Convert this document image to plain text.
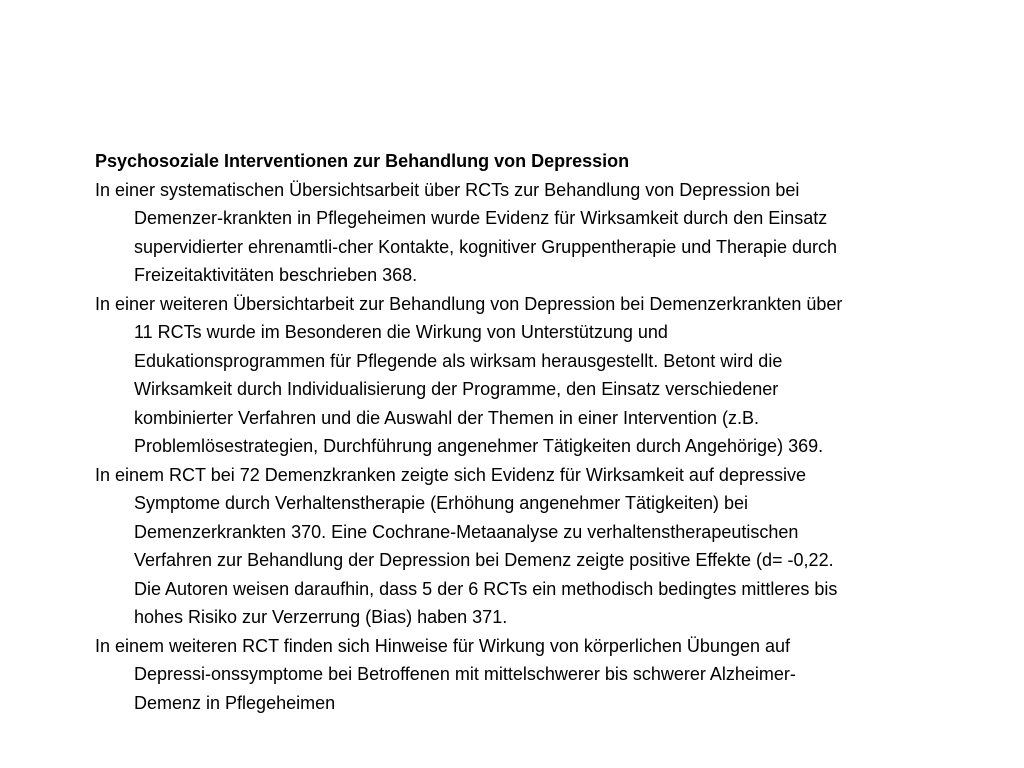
Psychosoziale Interventionen zur Behandlung von Depression

In einer systematischen Übersichtsarbeit über RCTs zur Behandlung von Depression bei
Demenzer-krankten in Pflegeheimen wurde Evidenz für Wirksamkeit durch den Einsatz
supervidierter ehrenamtli-cher Kontakte, kognitiver Gruppentherapie und Therapie durch
Freizeitaktivitäten beschrieben 368.

In einer weiteren Übersichtarbeit zur Behandlung von Depression bei Demenzerkrankten über
11 RCTs wurde im Besonderen die Wirkung von Unterstützung und
Edukationsprogrammen für Pflegende als wirksam herausgestellt. Betont wird die
Wirksamkeit durch Individualisierung der Programme, den Einsatz verschiedener
kombinierter Verfahren und die Auswahl der Themen in einer Intervention (z.B.
Problemlösestrategien, Durchführung angenehmer Tätigkeiten durch Angehörige) 369.

In einem RCT bei 72 Demenzkranken zeigte sich Evidenz für Wirksamkeit auf depressive
Symptome durch Verhaltenstherapie (Erhöhung angenehmer Tätigkeiten) bei
Demenzerkrankten 370. Eine Cochrane-Metaanalyse zu verhaltenstherapeutischen
Verfahren zur Behandlung der Depression bei Demenz zeigte positive Effekte (d= -0,22.
Die Autoren weisen daraufhin, dass 5 der 6 RCTs ein methodisch bedingtes mittleres bis
hohes Risiko zur Verzerrung (Bias) haben 371.

In einem weiteren RCT finden sich Hinweise für Wirkung von körperlichen Übungen auf
Depressi-onssymptome bei Betroffenen mit mittelschwerer bis schwerer Alzheimer-
Demenz in Pflegeheimen
